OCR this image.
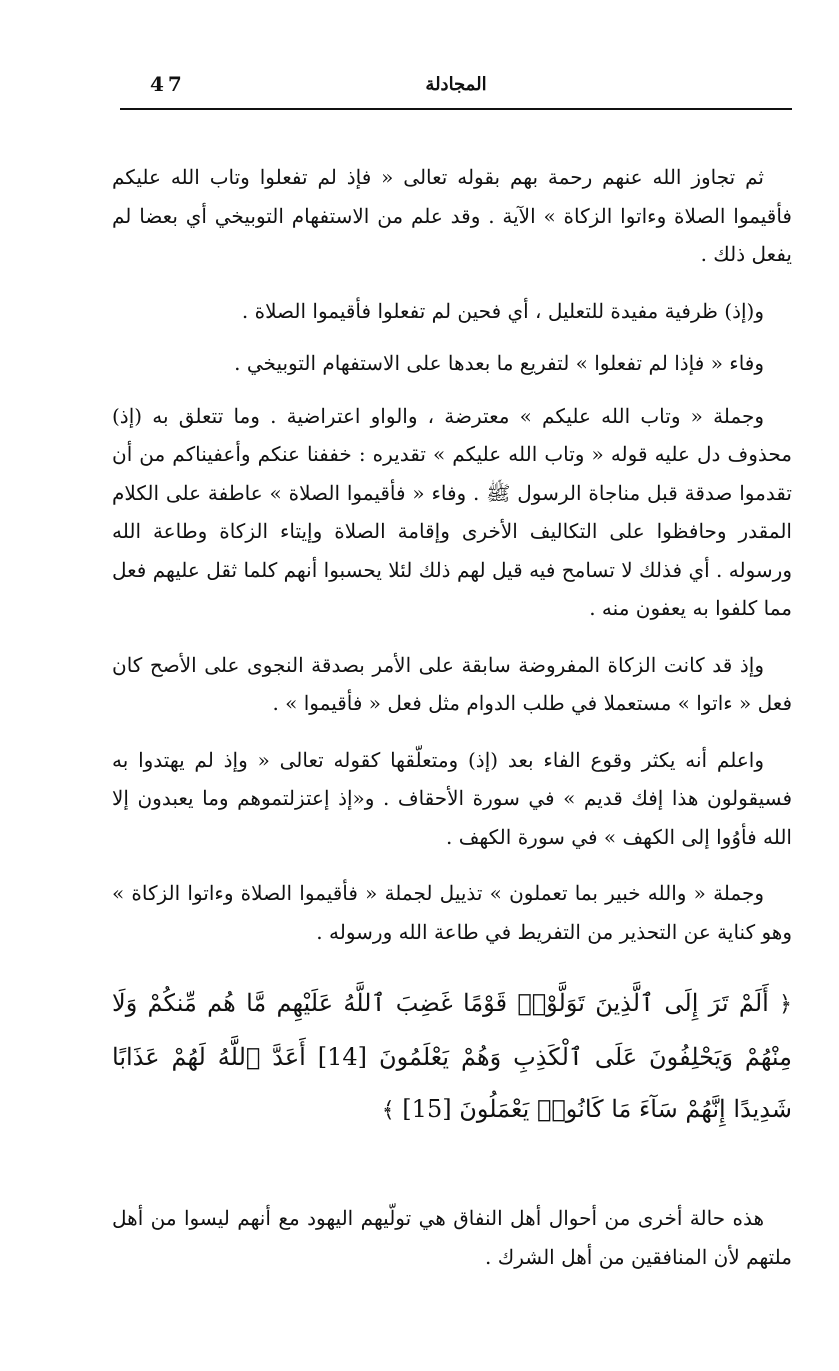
47	المجادلة

ثم تجاوز الله عنهم رحمة بهم بقوله تعالى « فإذ لم تفعلوا وتاب الله عليكم فأقيموا الصلاة وءاتوا الزكاة » الآية . وقد علم من الاستفهام التوبيخي أي بعضا لم يفعل ذلك .

و(إذ) ظرفية مفيدة للتعليل ، أي فحين لم تفعلوا فأقيموا الصلاة .

وفاء « فإذا لم تفعلوا » لتفريع ما بعدها على الاستفهام التوبيخي .

وجملة « وتاب الله عليكم » معترضة ، والواو اعتراضية . وما تتعلق به (إذ) محذوف دل عليه قوله « وتاب الله عليكم » تقديره : خففنا عنكم وأعفيناكم من أن تقدموا صدقة قبل مناجاة الرسول ﷺ . وفاء « فأقيموا الصلاة » عاطفة على الكلام المقدر وحافظوا على التكاليف الأخرى وإقامة الصلاة وإيتاء الزكاة وطاعة الله ورسوله . أي فذلك لا تسامح فيه قيل لهم ذلك لئلا يحسبوا أنهم كلما ثقل عليهم فعل مما كلفوا به يعفون منه .

وإذ قد كانت الزكاة المفروضة سابقة على الأمر بصدقة النجوى على الأصح كان فعل « ءاتوا » مستعملا في طلب الدوام مثل فعل « فأقيموا » .

واعلم أنه يكثر وقوع الفاء بعد (إذ) ومتعلّقها كقوله تعالى « وإذ لم يهتدوا به فسيقولون هذا إفك قديم » في سورة الأحقاف . و«إذ إعتزلتموهم وما يعبدون إلا الله فأوُوا إلى الكهف » في سورة الكهف .

وجملة « والله خبير بما تعملون » تذييل لجملة « فأقيموا الصلاة وءاتوا الزكاة » وهو كناية عن التحذير من التفريط في طاعة الله ورسوله .

﴿ أَلَمْ تَرَ إِلَى ٱلَّذِينَ تَوَلَّوْا۟ قَوْمًا غَضِبَ ٱللَّهُ عَلَيْهِم مَّا هُم مِّنكُمْ وَلَا مِنْهُمْ وَيَحْلِفُونَ عَلَى ٱلْكَذِبِ وَهُمْ يَعْلَمُونَ [14] أَعَدَّ ٱللَّهُ لَهُمْ عَذَابًا شَدِيدًا إِنَّهُمْ سَآءَ مَا كَانُوا۟ يَعْمَلُونَ [15] ﴾

هذه حالة أخرى من أحوال أهل النفاق هي تولّيهم اليهود مع أنهم ليسوا من أهل ملتهم لأن المنافقين من أهل الشرك .
